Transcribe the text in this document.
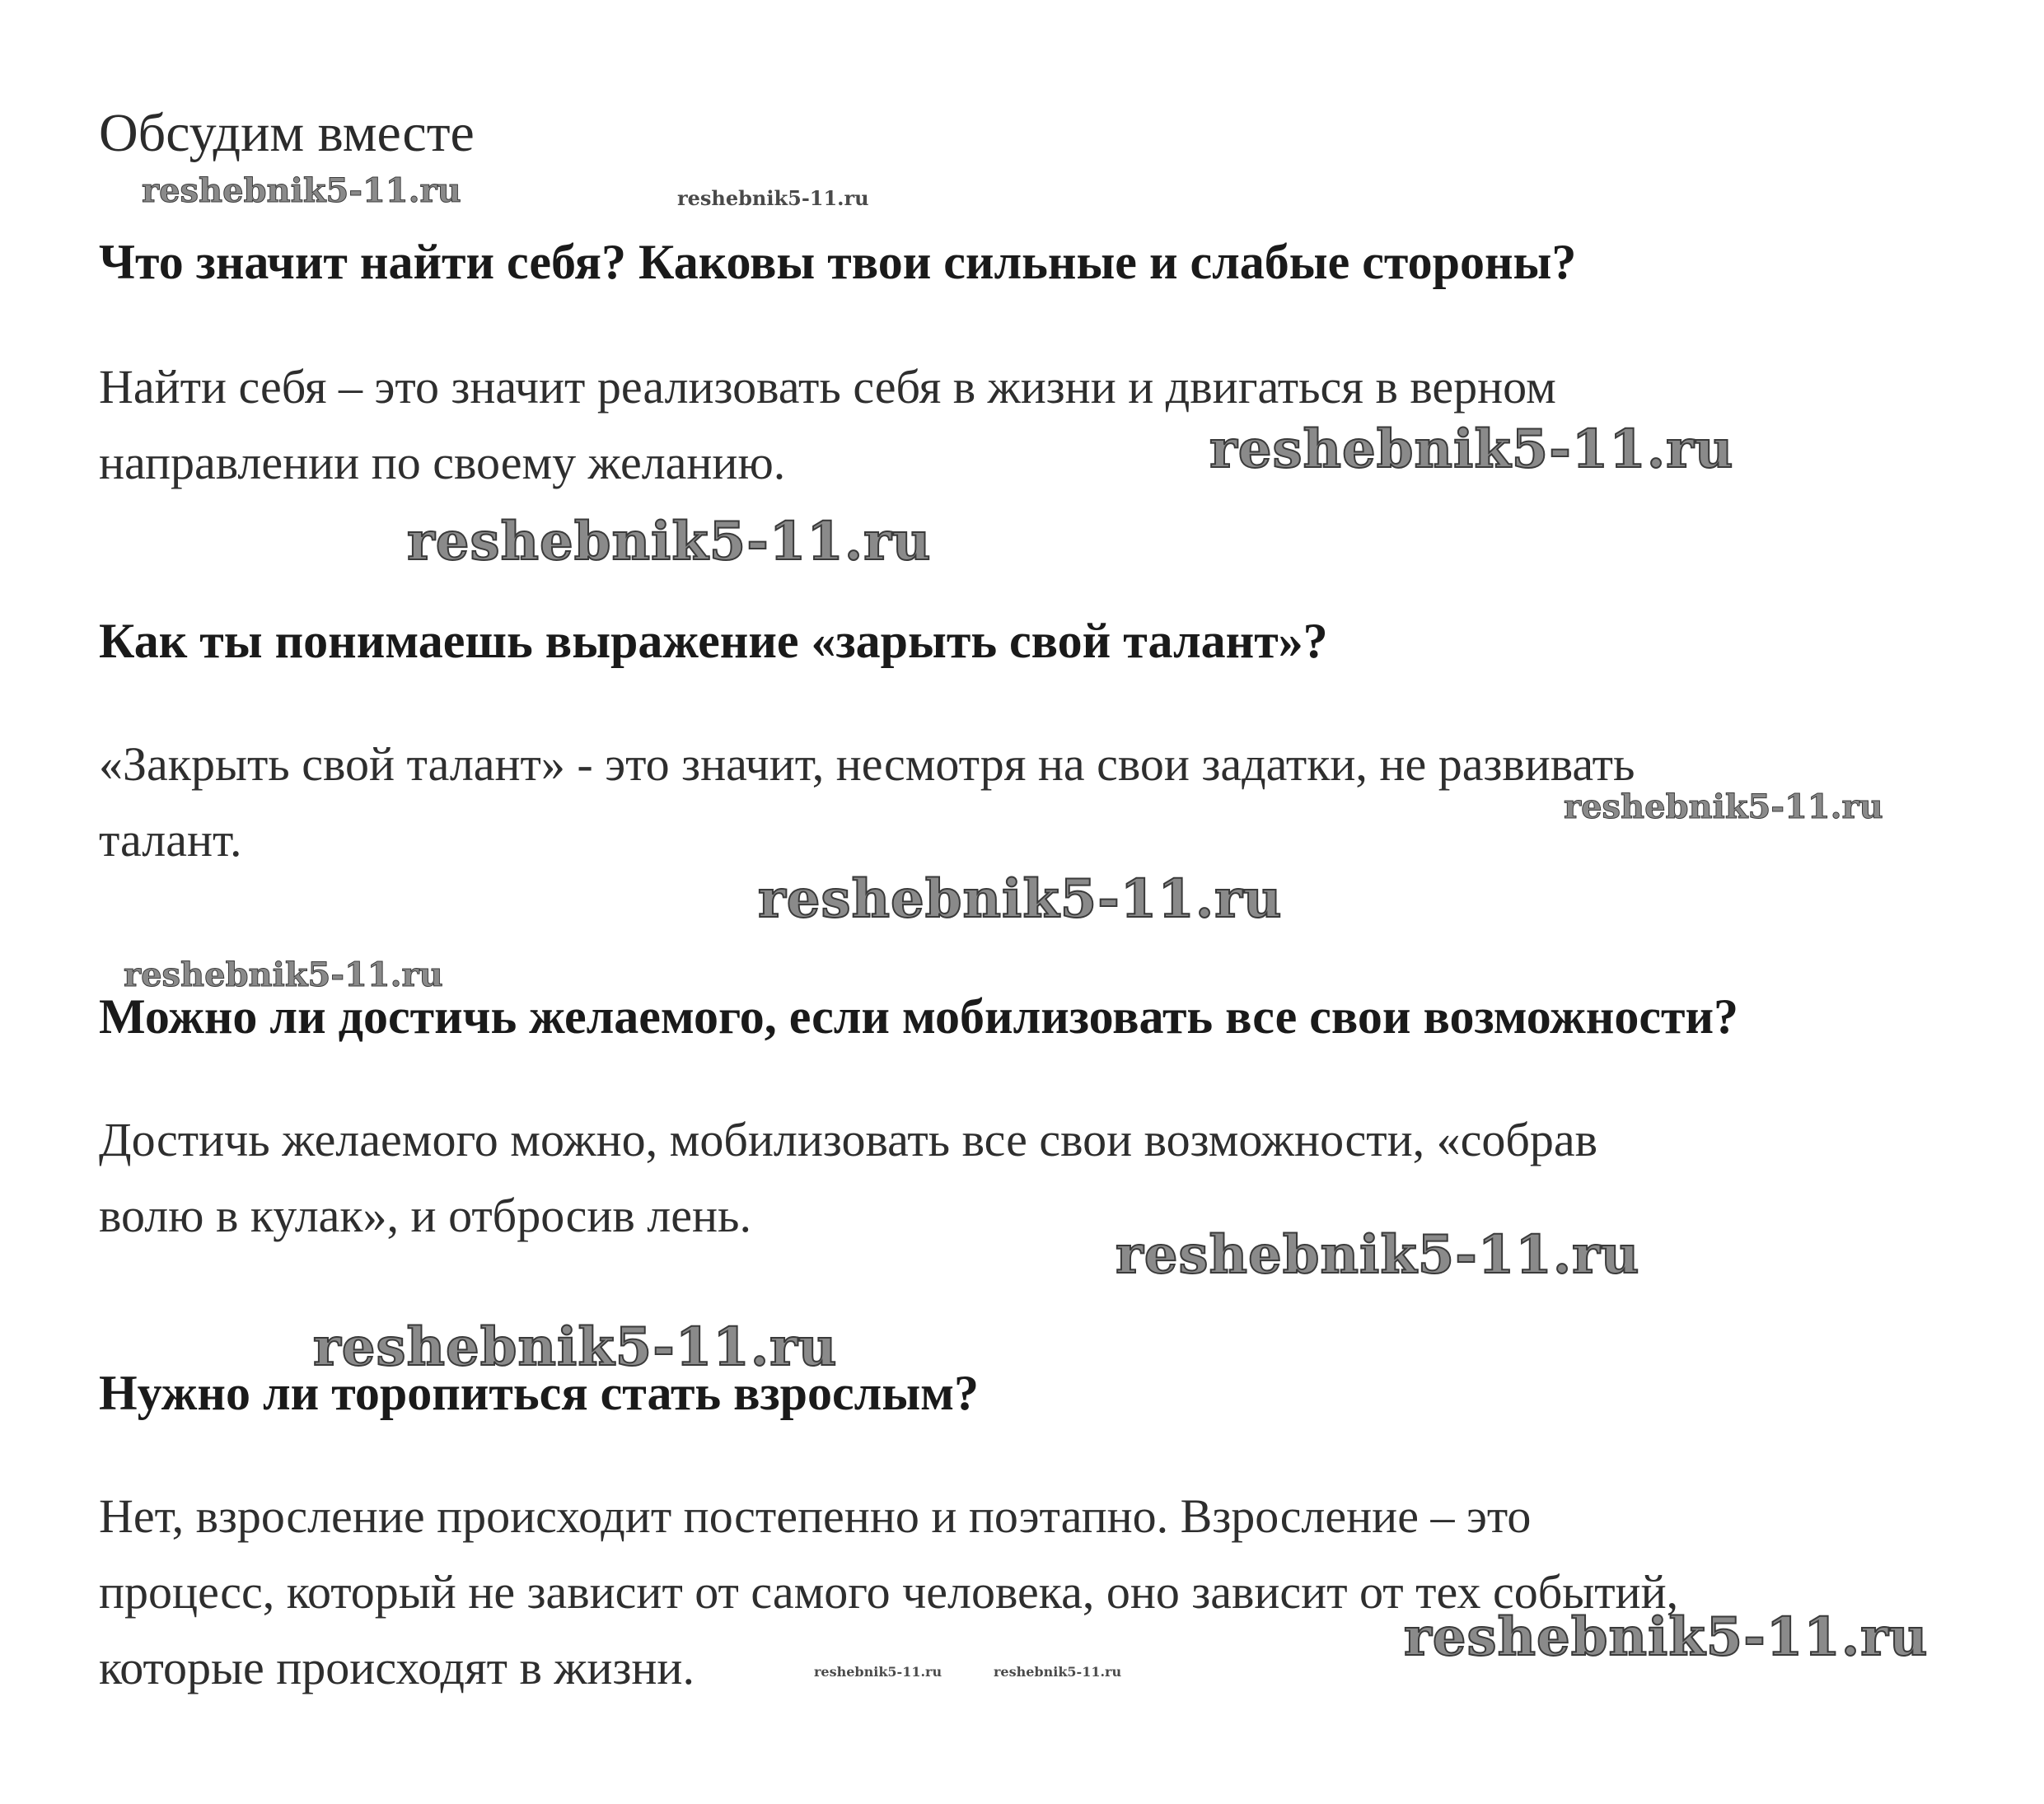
Обсудим вместе
Что значит найти себя? Каковы твои сильные и слабые стороны?

Найти себя – это значит реализовать себя в жизни и двигаться в верном
направлении по своему желанию.

Как ты понимаешь выражение «зарыть свой талант»?

«Закрыть свой талант» - это значит, несмотря на свои задатки, не развивать
талант.

Можно ли достичь желаемого, если мобилизовать все свои возможности?

Достичь желаемого можно, мобилизовать все свои возможности, «собрав
волю в кулак», и отбросив лень.

Нужно ли торопиться стать взрослым?

Нет, взросление происходит постепенно и поэтапно. Взросление – это
процесс, который не зависит от самого человека, оно зависит от тех событий,
которые происходят в жизни.

reshebnik5-11.ru	reshebnik5-11.ru
reshebnik5-11.ru
reshebnik5-11.ru
reshebnik5-11.ru
reshebnik5-11.ru
reshebnik5-11.ru
reshebnik5-11.ru
reshebnik5-11.ru
reshebnik5-11.ru
reshebnik5-11.ru	reshebnik5-11.ru
